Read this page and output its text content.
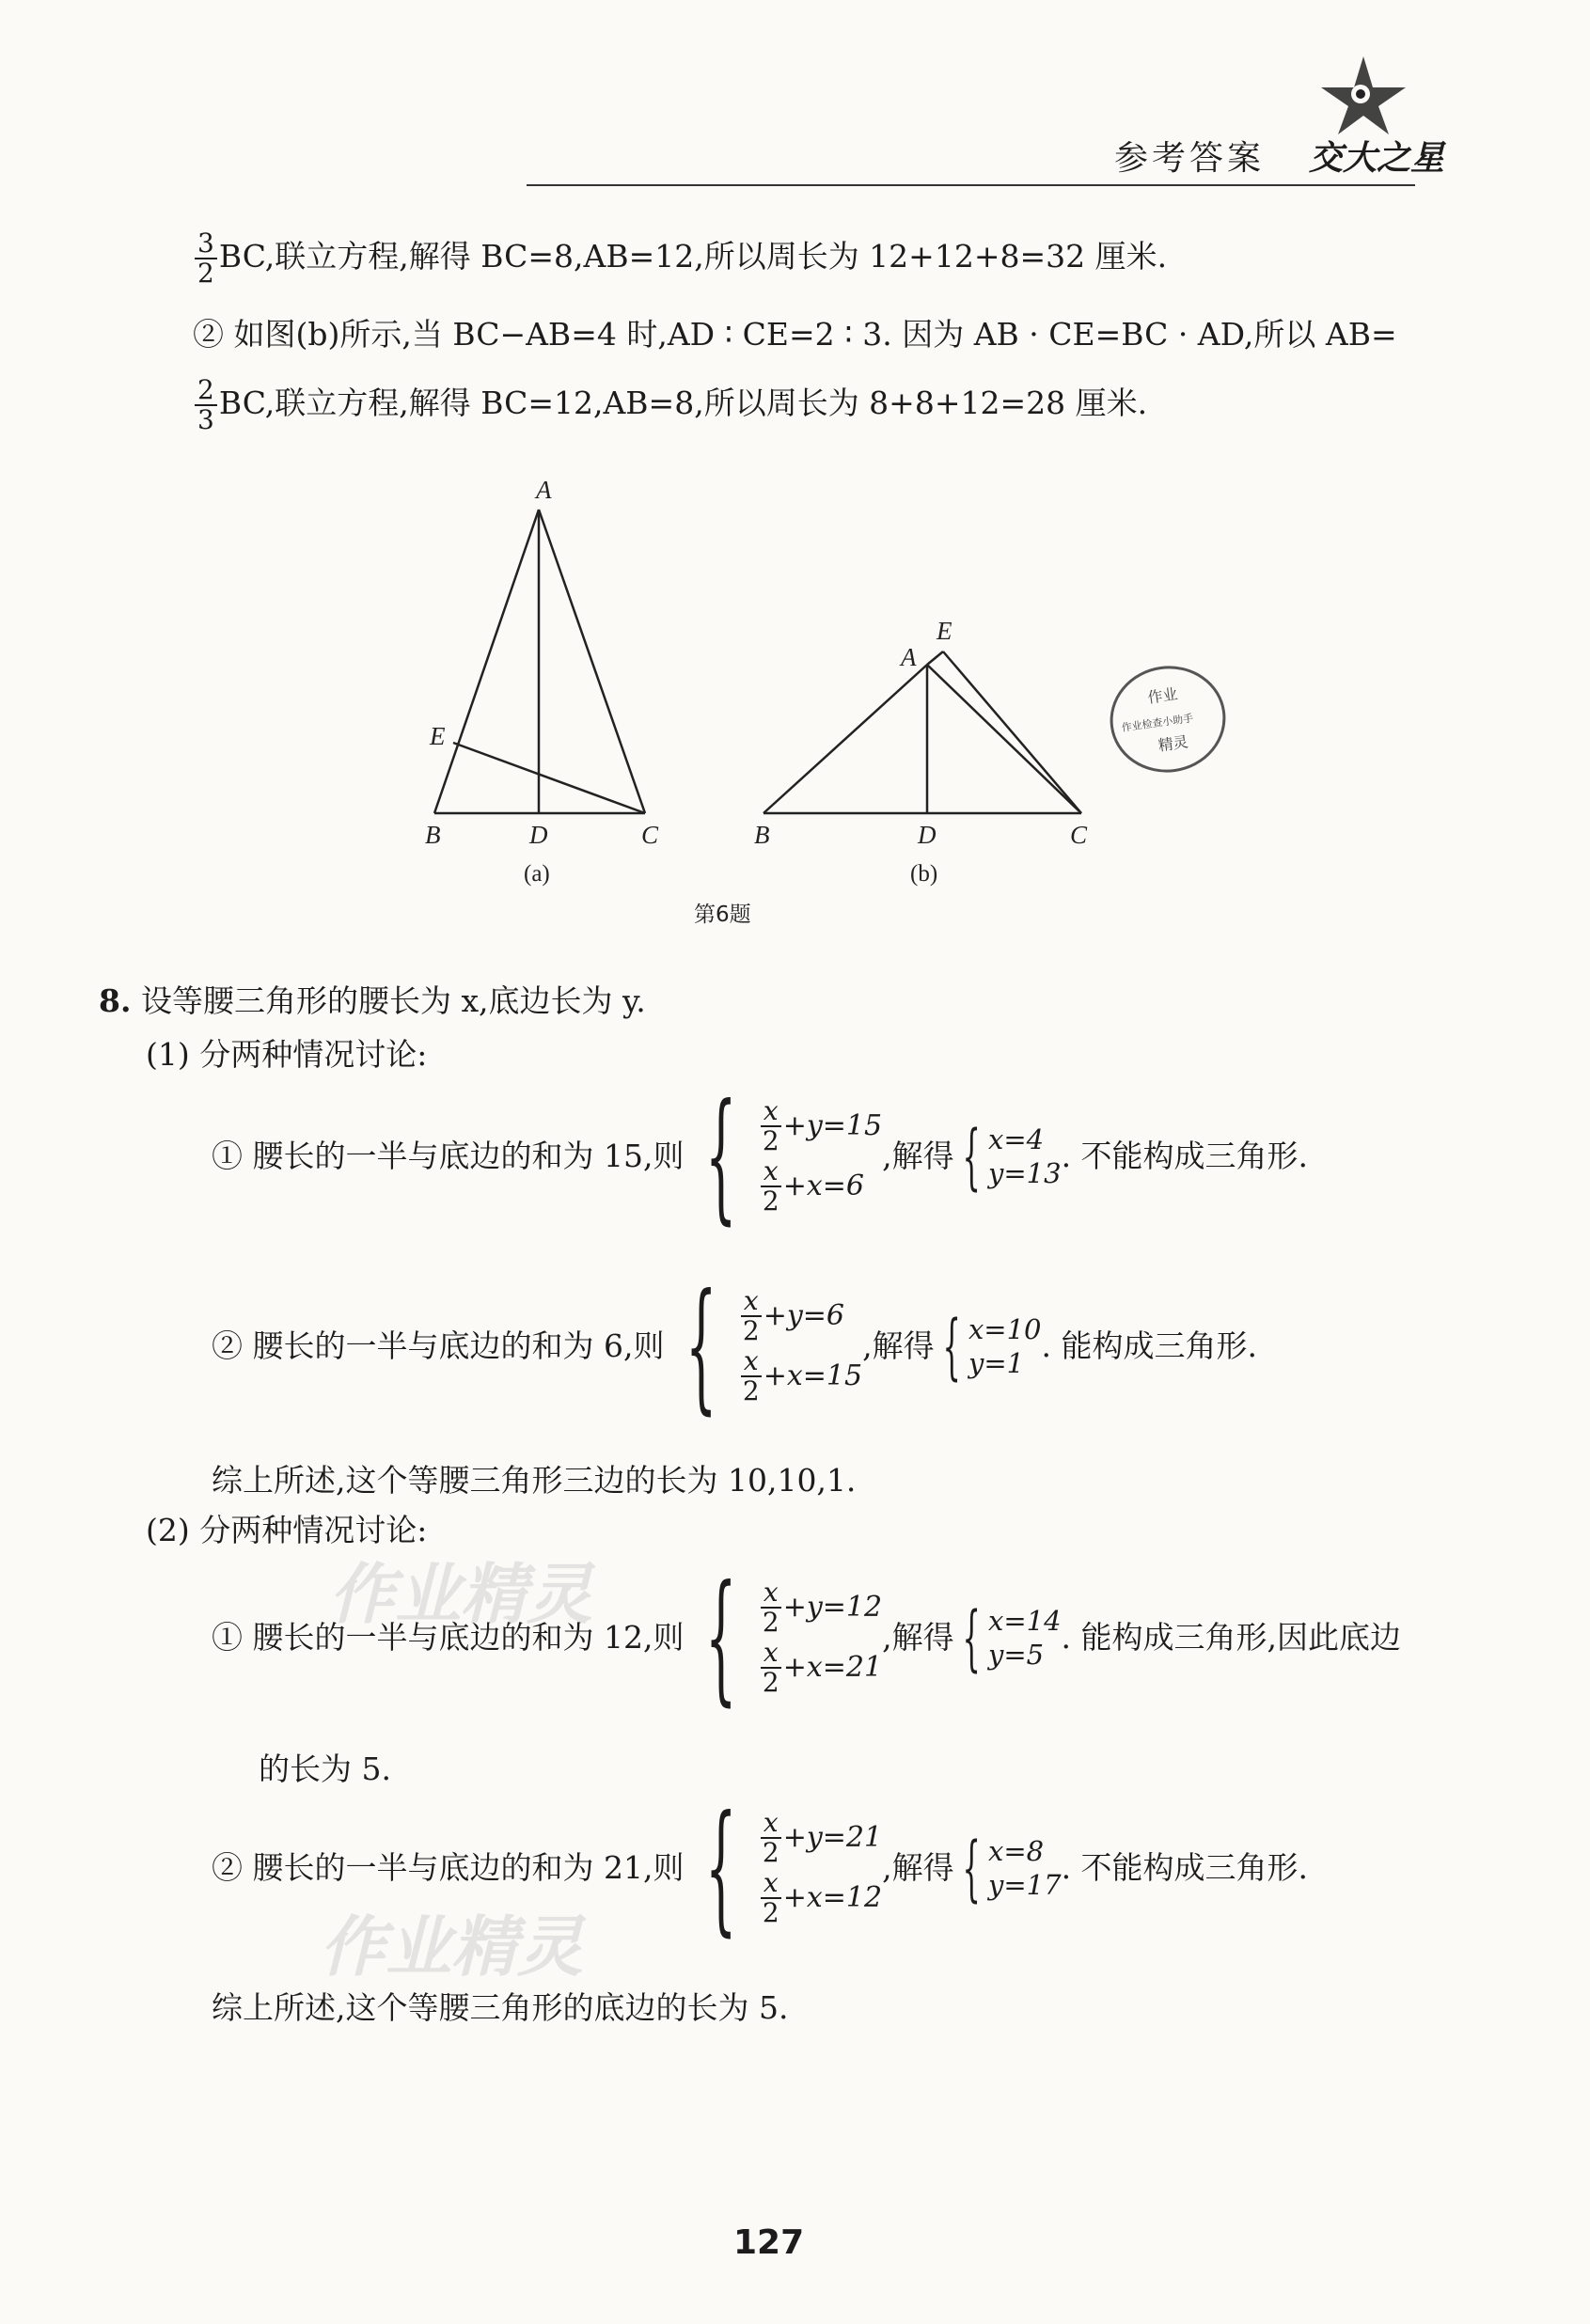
参考答案 交大之星
$\frac{3}{2}$ BC,联立方程,解得 BC=8,AB=12,所以周长为 12+12+8=32 厘米.
② 如图(b)所示,当 BC−AB=4 时,AD ∶ CE=2 ∶ 3. 因为 AB · CE=BC · AD,所以 AB=
$\frac{2}{3}$ BC,联立方程,解得 BC=12,AB=8,所以周长为 8+8+12=28 厘米.
A
E
B	D	C
(a)
E
A
B	D	C
(b)
第6题
作业
作业检查小助手
精灵
8. 设等腰三角形的腰长为 x,底边长为 y.
(1) 分两种情况讨论:
① 腰长的一半与底边的和为 15,则 { $\frac{x}{2} +y=15$
$\frac{x}{2} +x=6$
,解得 { x=4
y=13 . 不能构成三角形.
② 腰长的一半与底边的和为 6,则 { $\frac{x}{2} +y=6$
$\frac{x}{2} +x=15$
,解得 { x=10
y=1 . 能构成三角形.
综上所述,这个等腰三角形三边的长为 10,10,1.
(2) 分两种情况讨论:
① 腰长的一半与底边的和为 12,则 { $\frac{x}{2} +y=12$
$\frac{x}{2} +x=21$
,解得 { x=14
y=5 . 能构成三角形,因此底边
的长为 5.
② 腰长的一半与底边的和为 21,则 { $\frac{x}{2} +y=21$
$\frac{x}{2} +x=12$
,解得 { x=8
y=17 . 不能构成三角形.
综上所述,这个等腰三角形的底边的长为 5.
作业精灵
作业精灵
127
